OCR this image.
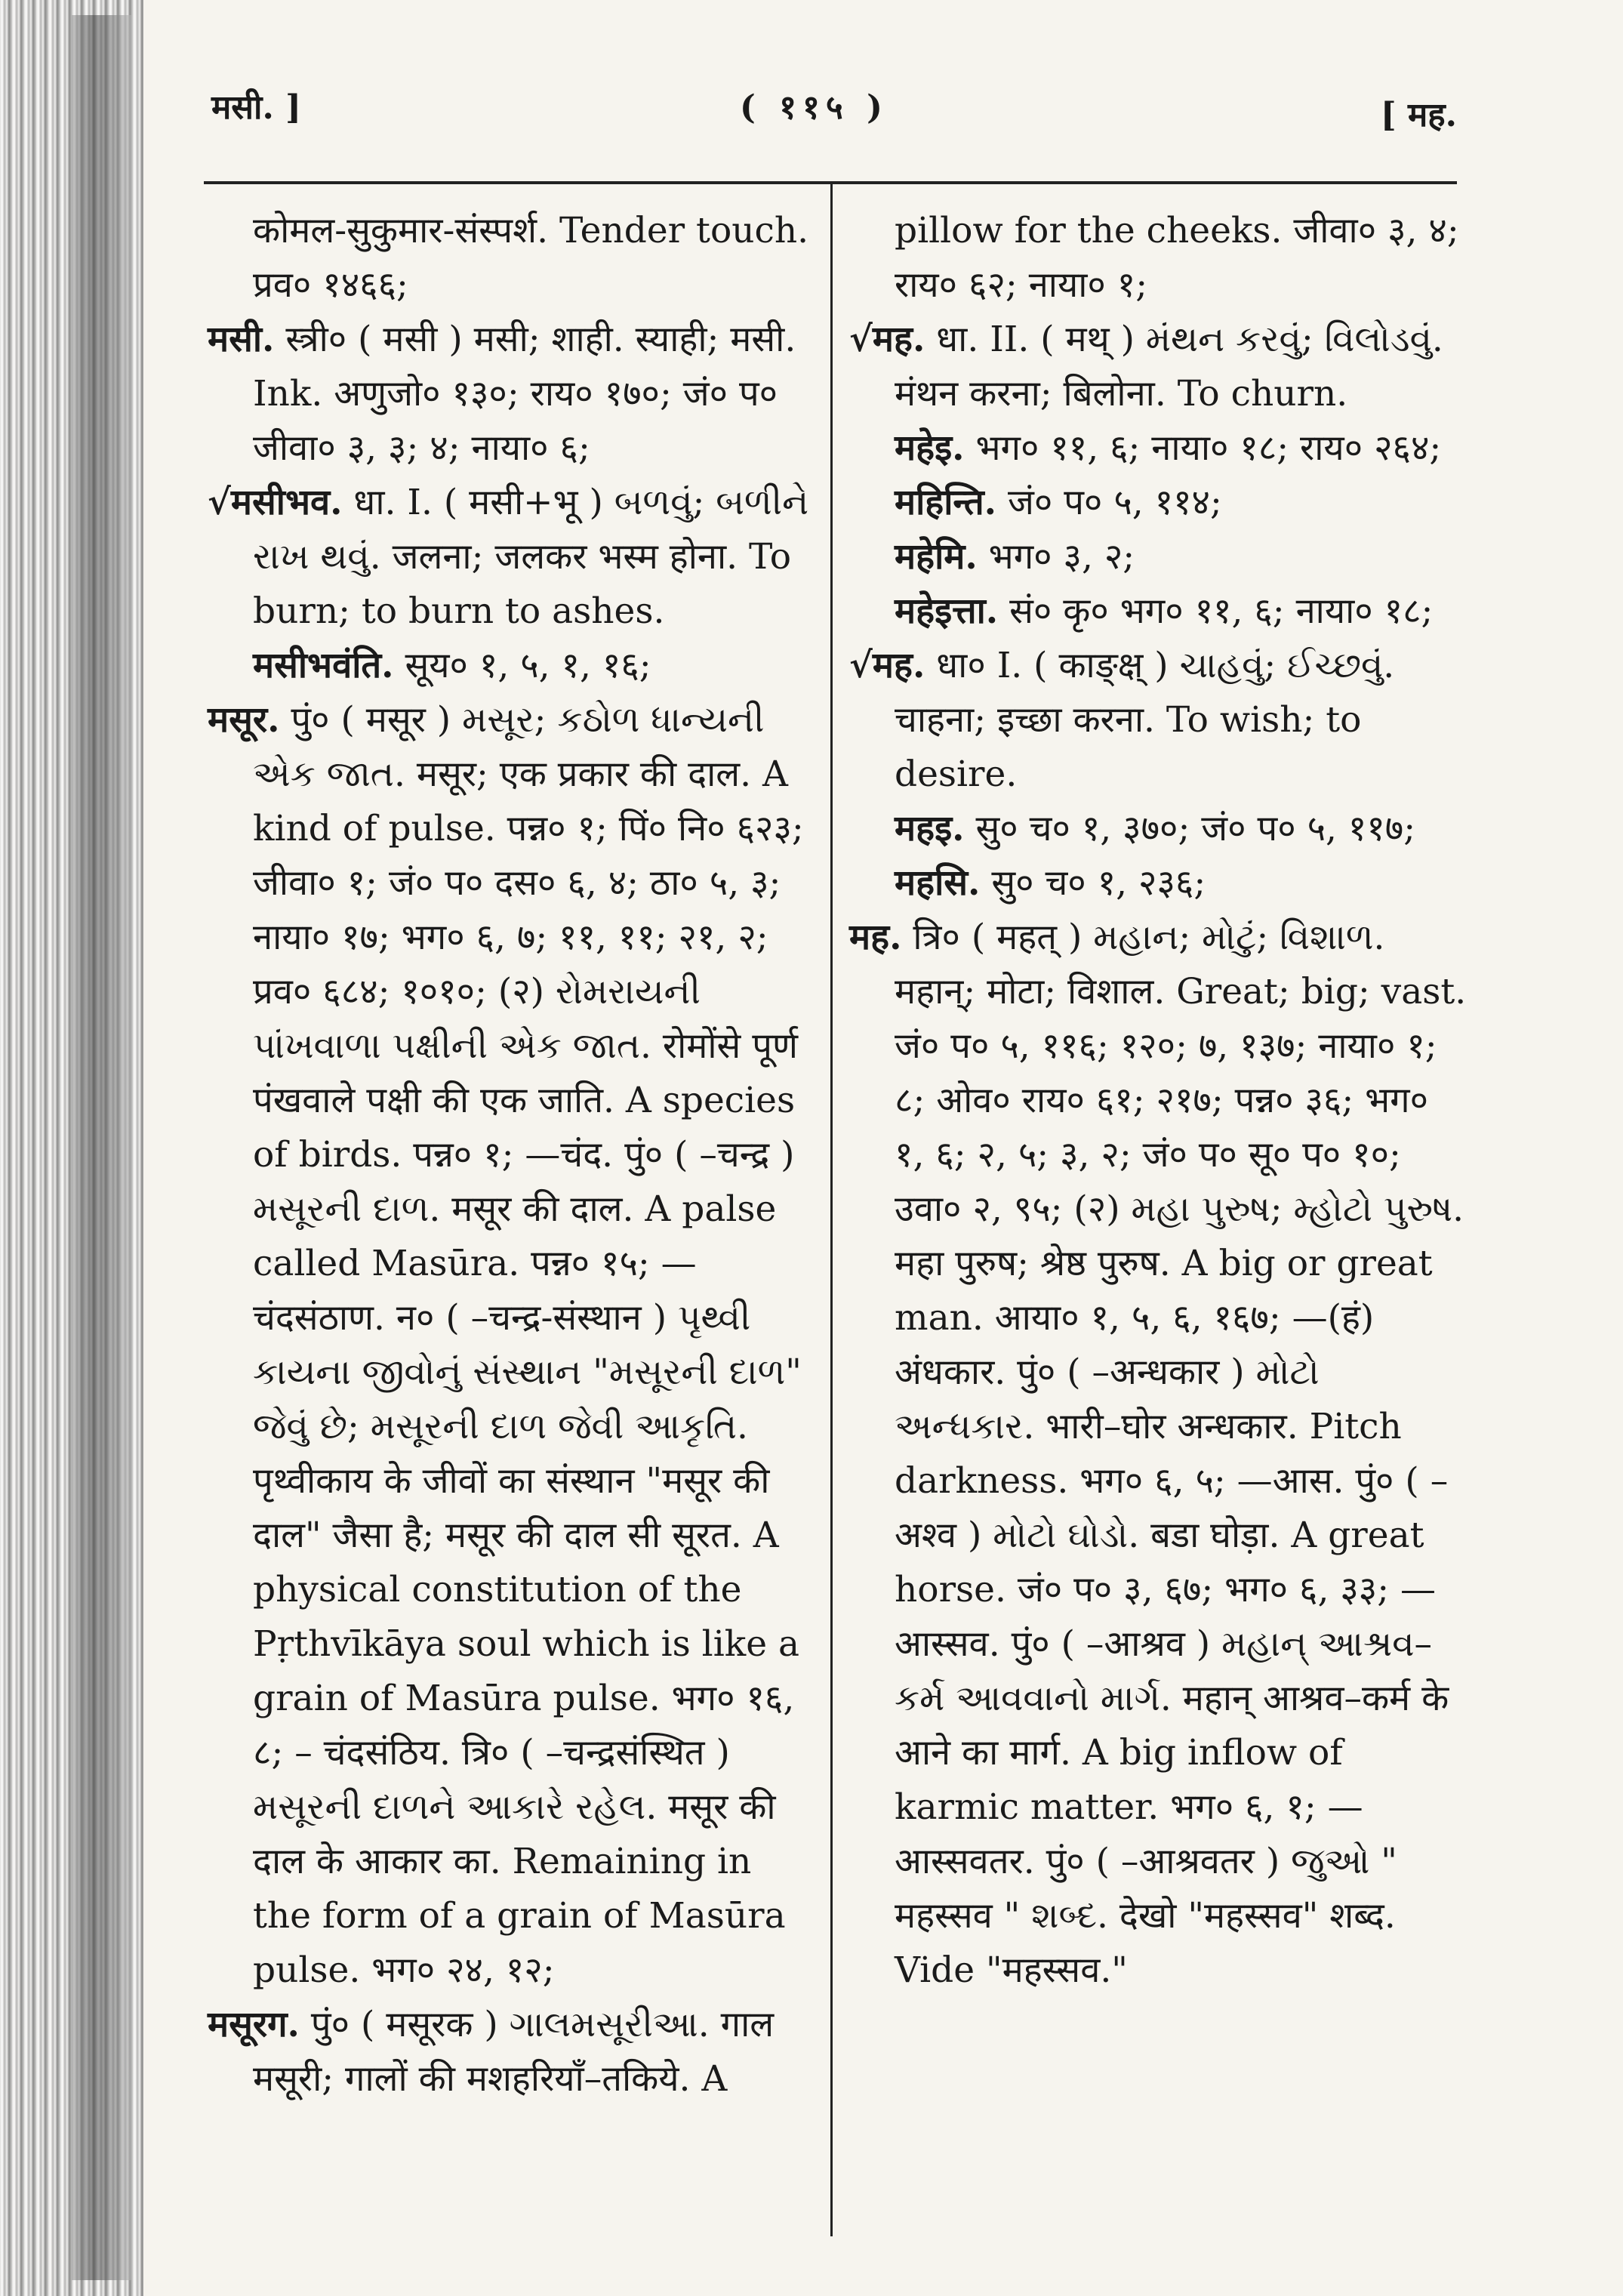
मसी. ]	( ११५ )	[ मह.

कोमल-सुकुमार-संस्पर्श. Tender touch. प्रव० १४६६;

मसी. स्त्री० ( मसी ) मसी; शाही. स्याही; मसी. Ink. अणुजो० १३०; राय० १७०; जं० प० जीवा० ३, ३; ४; नाया० ६;

√मसीभव. धा. I. ( मसी+भू ) બળવું; બળીને રાખ થવું. जलना; जलकर भस्म होना. To burn; to burn to ashes.

मसीभवंति. सूय० १, ५, १, १६;

मसूर. पुं० ( मसूर ) મસૂર; કઠોળ ધાન્યની એક જાત. मसूर; एक प्रकार की दाल. A kind of pulse. पन्न० १; पिं० नि० ६२३; जीवा० १; जं० प० दस० ६, ४; ठा० ५, ३; नाया० १७; भग० ६, ७; ११, ११; २१, २; प्रव० ६८४; १०१०; (२) રોમરાયની પાંખવાળા પક્ષીની એક જાત. रोमोंसे पूर्ण पंखवाले पक्षी की एक जाति. A species of birds. पन्न० १; —चंद. पुं० ( –चन्द्र ) મસૂરની દાળ. मसूर की दाल. A palse called Masūra. पन्न० १५; —चंदसंठाण. न० ( –चन्द्र-संस्थान ) પૃથ્વી કાયના જીવોનું સંસ્થાન "મસૂરની દાળ" જેવું છે; મસૂરની દાળ જેવી આકૃતિ. पृथ्वीकाय के जीवों का संस्थान "मसूर की दाल" जैसा है; मसूर की दाल सी सूरत. A physical constitution of the Pṛthvīkāya soul which is like a grain of Masūra pulse. भग० १६, ८; – चंदसंठिय. त्रि० ( –चन्द्रसंस्थित ) મસૂરની દાળને આકારે રહેલ. मसूर की दाल के आकार का. Remaining in the form of a grain of Masūra pulse. भग० २४, १२;

मसूरग. पुं० ( मसूरक ) ગાલમસૂરીઆ. गाल मसूरी; गालों की मशहरियाँ–तकिये. A

pillow for the cheeks. जीवा० ३, ४; राय० ६२; नाया० १;

√मह. धा. II. ( मथ् ) મંથન કરવું; વિલોડવું. मंथन करना; बिलोना. To churn.

महेइ. भग० ११, ६; नाया० १८; राय० २६४;

महिन्ति. जं० प० ५, ११४;

महेमि. भग० ३, २;

महेइत्ता. सं० कृ० भग० ११, ६; नाया० १८;

√मह. धा० I. ( काङ्क्ष् ) ચાહવું; ઈચ્છવું. चाहना; इच्छा करना. To wish; to desire.

महइ. सु० च० १, ३७०; जं० प० ५, ११७;

महसि. सु० च० १, २३६;

मह. त्रि० ( महत् ) મહાન; મોટું; વિશાળ. महान्; मोटा; विशाल. Great; big; vast. जं० प० ५, ११६; १२०; ७, १३७; नाया० १; ८; ओव० राय० ६१; २१७; पन्न० ३६; भग० १, ६; २, ५; ३, २; जं० प० सू० प० १०; उवा० २, ९५; (२) મહા પુરુષ; મ્હોટો પુરુષ. महा पुरुष; श्रेष्ठ पुरुष. A big or great man. आया० १, ५, ६, १६७; —(हं) अंधकार. पुं० ( –अन्धकार ) મોટો અન્ધકાર. भारी–घोर अन्धकार. Pitch darkness. भग० ६, ५; —आस. पुं० ( –अश्व ) મોટો ઘોડો. बडा घोड़ा. A great horse. जं० प० ३, ६७; भग० ६, ३३; —आस्सव. पुं० ( –आश्रव ) મહાન્ આશ્રવ–કર્મ આવવાનો માર્ગ. महान् आश्रव–कर्म के आने का मार्ग. A big inflow of karmic matter. भग० ६, १; —आस्सवतर. पुं० ( –आश्रवतर ) જુઓ " महस्सव " શબ્દ. देखो "महस्सव" शब्द. Vide "महस्सव."
